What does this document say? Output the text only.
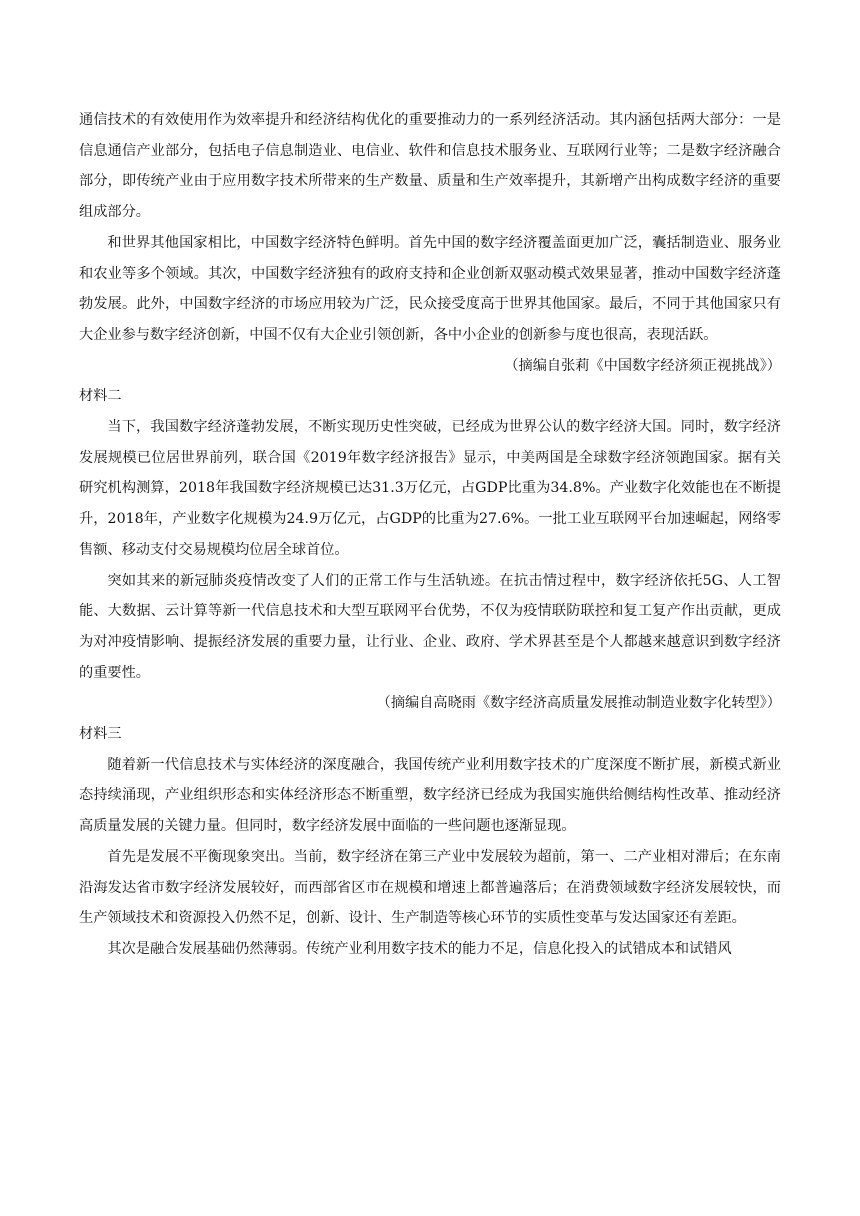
通信技术的有效使用作为效率提升和经济结构优化的重要推动力的一系列经济活动。其内涵包括两大部分：一是信息通信产业部分，包括电子信息制造业、电信业、软件和信息技术服务业、互联网行业等；二是数字经济融合部分，即传统产业由于应用数字技术所带来的生产数量、质量和生产效率提升，其新增产出构成数字经济的重要组成部分。

和世界其他国家相比，中国数字经济特色鲜明。首先中国的数字经济覆盖面更加广泛，囊括制造业、服务业和农业等多个领域。其次，中国数字经济独有的政府支持和企业创新双驱动模式效果显著，推动中国数字经济蓬勃发展。此外，中国数字经济的市场应用较为广泛，民众接受度高于世界其他国家。最后，不同于其他国家只有大企业参与数字经济创新，中国不仅有大企业引领创新，各中小企业的创新参与度也很高，表现活跃。

（摘编自张莉《中国数字经济须正视挑战》）

材料二

当下，我国数字经济蓬勃发展，不断实现历史性突破，已经成为世界公认的数字经济大国。同时，数字经济发展规模已位居世界前列，联合国《2019年数字经济报告》显示，中美两国是全球数字经济领跑国家。据有关研究机构测算，2018年我国数字经济规模已达31.3万亿元，占GDP比重为34.8%。产业数字化效能也在不断提升，2018年，产业数字化规模为24.9万亿元，占GDP的比重为27.6%。一批工业互联网平台加速崛起，网络零售额、移动支付交易规模均位居全球首位。

突如其来的新冠肺炎疫情改变了人们的正常工作与生活轨迹。在抗击情过程中，数字经济依托5G、人工智能、大数据、云计算等新一代信息技术和大型互联网平台优势，不仅为疫情联防联控和复工复产作出贡献，更成为对冲疫情影响、提振经济发展的重要力量，让行业、企业、政府、学术界甚至是个人都越来越意识到数字经济的重要性。

（摘编自高晓雨《数字经济高质量发展推动制造业数字化转型》）

材料三

随着新一代信息技术与实体经济的深度融合，我国传统产业利用数字技术的广度深度不断扩展，新模式新业态持续涌现，产业组织形态和实体经济形态不断重塑，数字经济已经成为我国实施供给侧结构性改革、推动经济高质量发展的关键力量。但同时，数字经济发展中面临的一些问题也逐渐显现。

首先是发展不平衡现象突出。当前，数字经济在第三产业中发展较为超前，第一、二产业相对滞后；在东南沿海发达省市数字经济发展较好，而西部省区市在规模和增速上都普遍落后；在消费领域数字经济发展较快，而生产领域技术和资源投入仍然不足，创新、设计、生产制造等核心环节的实质性变革与发达国家还有差距。

其次是融合发展基础仍然薄弱。传统产业利用数字技术的能力不足，信息化投入的试错成本和试错风
